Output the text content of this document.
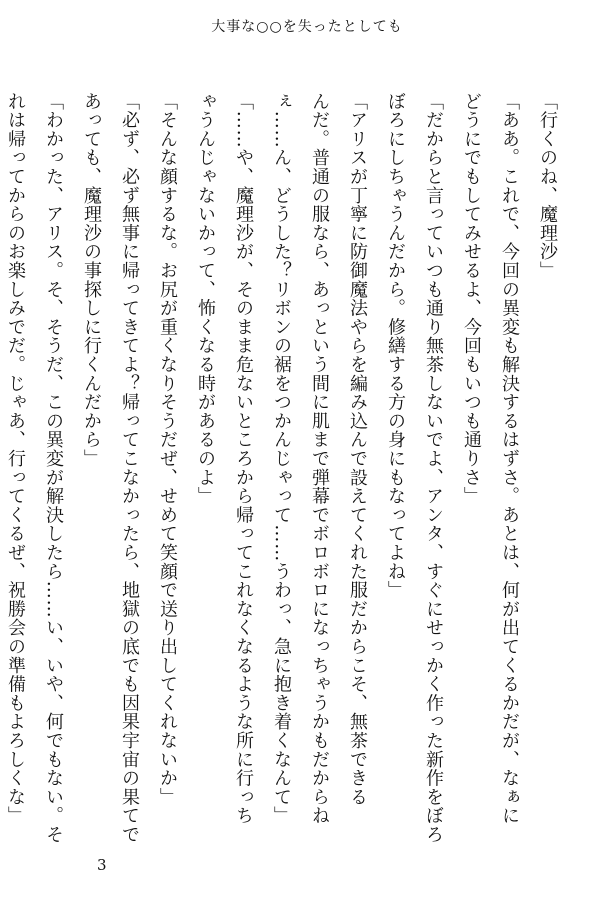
大事な○○を失ったとしても
「行くのね、魔理沙」
「ああ。これで、今回の異変も解決するはずさ。あとは、何が出てくるかだが、なぁに
どうにでもしてみせるよ、今回もいつも通りさ」
「だからと言っていつも通り無茶しないでよ、アンタ、すぐにせっかく作った新作をぼろ
ぼろにしちゃうんだから。修繕する方の身にもなってよね」
「アリスが丁寧に防御魔法やらを編み込んで設えてくれた服だからこそ、無茶できる
んだ。普通の服なら、あっという間に肌まで弾幕でボロボロになっちゃうかもだからね
ぇ……ん、どうした？リボンの裾をつかんじゃって……うわっ、急に抱き着くなんて」
「……や、魔理沙が、そのまま危ないところから帰ってこれなくなるような所に行っち
ゃうんじゃないかって、怖くなる時があるのよ」
「そんな顔するな。お尻が重くなりそうだぜ、せめて笑顔で送り出してくれないか」
「必ず、必ず無事に帰ってきてよ？帰ってこなかったら、地獄の底でも因果宇宙の果てで
あっても、魔理沙の事探しに行くんだから」
「わかった、アリス。そ、そうだ、この異変が解決したら……い、いや、何でもない。そ
れは帰ってからのお楽しみでだ。じゃあ、行ってくるぜ、祝勝会の準備もよろしくな」
3
